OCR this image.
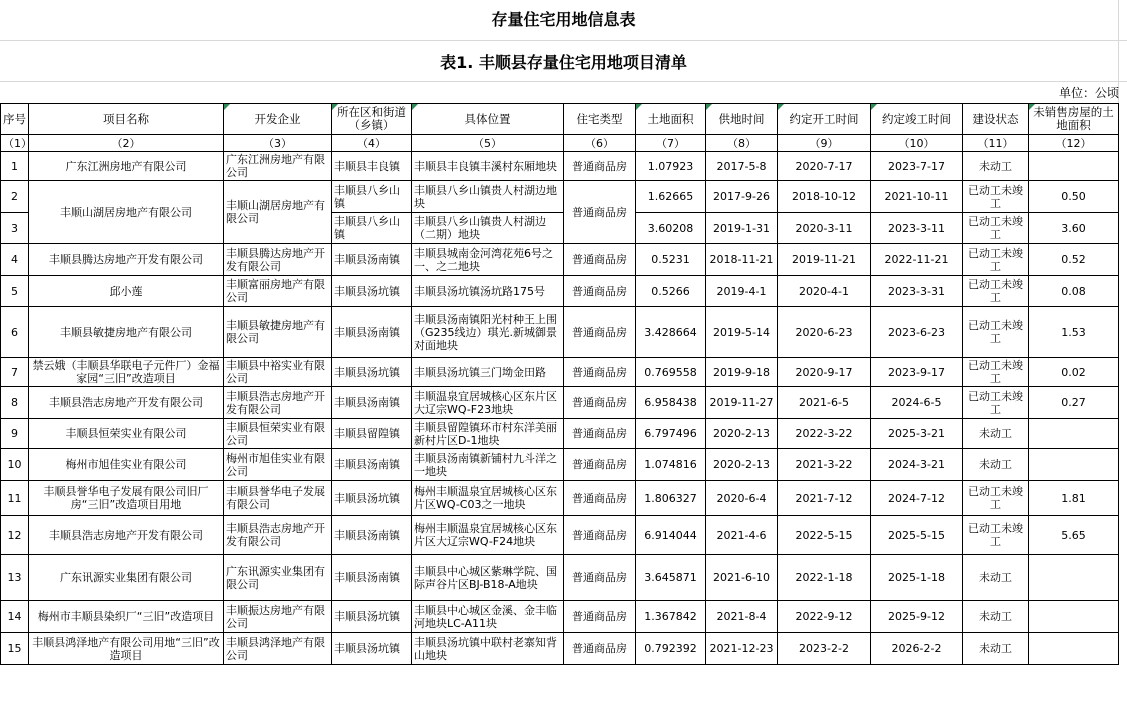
存量住宅用地信息表
表1. 丰顺县存量住宅用地项目清单
单位：公顷
序号	项目名称	开发企业	所在区和街道（乡镇）	具体位置	住宅类型	土地面积	供地时间	约定开工时间	约定竣工时间	建设状态	未销售房屋的土地面积
（1）	（2）	（3）	（4）	（5）	（6）	（7）	（8）	（9）	（10）	（11）	（12）
1	广东江洲房地产有限公司	广东江洲房地产有限公司	丰顺县丰良镇	丰顺县丰良镇丰溪村东厢地块	普通商品房	1.07923	2017-5-8	2020-7-17	2023-7-17	未动工	
2	丰顺山湖居房地产有限公司	丰顺山湖居房地产有限公司	丰顺县八乡山镇	丰顺县八乡山镇贵人村湖边地块	普通商品房	1.62665	2017-9-26	2018-10-12	2021-10-11	已动工未竣工	0.50
3			丰顺县八乡山镇	丰顺县八乡山镇贵人村湖边（二期）地块		3.60208	2019-1-31	2020-3-11	2023-3-11	已动工未竣工	3.60
4	丰顺县腾达房地产开发有限公司	丰顺县腾达房地产开发有限公司	丰顺县汤南镇	丰顺县城南金河湾花苑6号之一、之二地块	普通商品房	0.5231	2018-11-21	2019-11-21	2022-11-21	已动工未竣工	0.52
5	邱小莲	丰顺富丽房地产有限公司	丰顺县汤坑镇	丰顺县汤坑镇汤坑路175号	普通商品房	0.5266	2019-4-1	2020-4-1	2023-3-31	已动工未竣工	0.08
6	丰顺县敏捷房地产有限公司	丰顺县敏捷房地产有限公司	丰顺县汤南镇	丰顺县汤南镇阳光村种王上围（G235线边）琪光.新城御景对面地块	普通商品房	3.428664	2019-5-14	2020-6-23	2023-6-23	已动工未竣工	1.53
7	禁云娥（丰顺县华联电子元件厂）金福家园“三旧”改造项目	丰顺县中裕实业有限公司	丰顺县汤坑镇	丰顺县汤坑镇三门坳金田路	普通商品房	0.769558	2019-9-18	2020-9-17	2023-9-17	已动工未竣工	0.02
8	丰顺县浩志房地产开发有限公司	丰顺县浩志房地产开发有限公司	丰顺县汤南镇	丰顺温泉宜居城核心区东片区大辽宗WQ-F23地块	普通商品房	6.958438	2019-11-27	2021-6-5	2024-6-5	已动工未竣工	0.27
9	丰顺县恒荣实业有限公司	丰顺县恒荣实业有限公司	丰顺县留隍镇	丰顺县留隍镇环市村东洋美丽新村片区D-1地块	普通商品房	6.797496	2020-2-13	2022-3-22	2025-3-21	未动工	
10	梅州市旭佳实业有限公司	梅州市旭佳实业有限公司	丰顺县汤南镇	丰顺县汤南镇新铺村九斗洋之一地块	普通商品房	1.074816	2020-2-13	2021-3-22	2024-3-21	未动工	
11	丰顺县誉华电子发展有限公司旧厂房“三旧”改造项目用地	丰顺县誉华电子发展有限公司	丰顺县汤坑镇	梅州丰顺温泉宜居城核心区东片区WQ-C03之一地块	普通商品房	1.806327	2020-6-4	2021-7-12	2024-7-12	已动工未竣工	1.81
12	丰顺县浩志房地产开发有限公司	丰顺县浩志房地产开发有限公司	丰顺县汤南镇	梅州丰顺温泉宜居城核心区东片区大辽宗WQ-F24地块	普通商品房	6.914044	2021-4-6	2022-5-15	2025-5-15	已动工未竣工	5.65
13	广东讯源实业集团有限公司	广东讯源实业集团有限公司	丰顺县汤南镇	丰顺县中心城区紫琳学院、国际声谷片区BJ-B18-A地块	普通商品房	3.645871	2021-6-10	2022-1-18	2025-1-18	未动工	
14	梅州市丰顺县染织厂“三旧”改造项目	丰顺振达房地产有限公司	丰顺县汤坑镇	丰顺县中心城区金溪、金丰临河地块LC-A11块	普通商品房	1.367842	2021-8-4	2022-9-12	2025-9-12	未动工	
15	丰顺县鸿泽地产有限公司用地“三旧”改造项目	丰顺县鸿泽地产有限公司	丰顺县汤坑镇	丰顺县汤坑镇中联村老寨知背山地块	普通商品房	0.792392	2021-12-23	2023-2-2	2026-2-2	未动工	
